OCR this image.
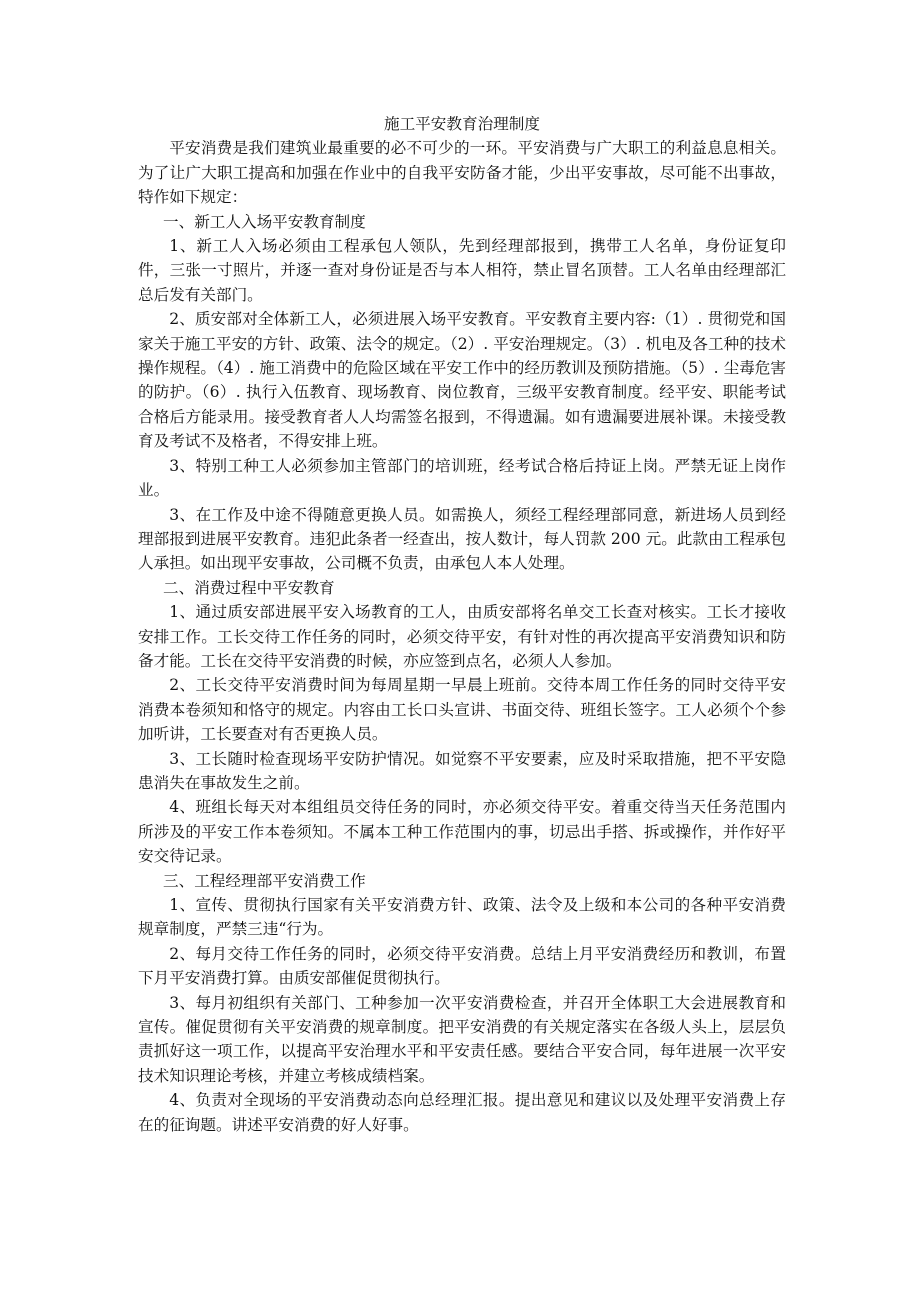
施工平安教育治理制度

平安消费是我们建筑业最重要的必不可少的一环。平安消费与广大职工的利益息息相关。为了让广大职工提高和加强在作业中的自我平安防备才能，少出平安事故，尽可能不出事故，特作如下规定：

一、新工人入场平安教育制度

1、新工人入场必须由工程承包人领队，先到经理部报到，携带工人名单，身份证复印件，三张一寸照片，并逐一查对身份证是否与本人相符，禁止冒名顶替。工人名单由经理部汇总后发有关部门。

2、质安部对全体新工人，必须进展入场平安教育。平安教育主要内容:（1）. 贯彻党和国家关于施工平安的方针、政策、法令的规定。（2）. 平安治理规定。（3）. 机电及各工种的技术操作规程。（4）. 施工消费中的危险区域在平安工作中的经历教训及预防措施。（5）. 尘毒危害的防护。（6）. 执行入伍教育、现场教育、岗位教育，三级平安教育制度。经平安、职能考试合格后方能录用。接受教育者人人均需签名报到，不得遗漏。如有遗漏要进展补课。未接受教育及考试不及格者，不得安排上班。

3、特别工种工人必须参加主管部门的培训班，经考试合格后持证上岗。严禁无证上岗作业。

3、在工作及中途不得随意更换人员。如需换人，须经工程经理部同意，新进场人员到经理部报到进展平安教育。违犯此条者一经查出，按人数计，每人罚款 200 元。此款由工程承包人承担。如出现平安事故，公司概不负责，由承包人本人处理。

二、消费过程中平安教育

1、通过质安部进展平安入场教育的工人，由质安部将名单交工长查对核实。工长才接收安排工作。工长交待工作任务的同时，必须交待平安，有针对性的再次提高平安消费知识和防备才能。工长在交待平安消费的时候，亦应签到点名，必须人人参加。

2、工长交待平安消费时间为每周星期一早晨上班前。交待本周工作任务的同时交待平安消费本卷须知和恪守的规定。内容由工长口头宣讲、书面交待、班组长签字。工人必须个个参加听讲，工长要查对有否更换人员。

3、工长随时检查现场平安防护情况。如觉察不平安要素，应及时采取措施，把不平安隐患消失在事故发生之前。

4、班组长每天对本组组员交待任务的同时，亦必须交待平安。着重交待当天任务范围内所涉及的平安工作本卷须知。不属本工种工作范围内的事，切忌出手搭、拆或操作，并作好平安交待记录。

三、工程经理部平安消费工作

1、宣传、贯彻执行国家有关平安消费方针、政策、法令及上级和本公司的各种平安消费规章制度，严禁三违“行为。

2、每月交待工作任务的同时，必须交待平安消费。总结上月平安消费经历和教训，布置下月平安消费打算。由质安部催促贯彻执行。

3、每月初组织有关部门、工种参加一次平安消费检查，并召开全体职工大会进展教育和宣传。催促贯彻有关平安消费的规章制度。把平安消费的有关规定落实在各级人头上，层层负责抓好这一项工作，以提高平安治理水平和平安责任感。要结合平安合同，每年进展一次平安技术知识理论考核，并建立考核成绩档案。

4、负责对全现场的平安消费动态向总经理汇报。提出意见和建议以及处理平安消费上存在的征询题。讲述平安消费的好人好事。
